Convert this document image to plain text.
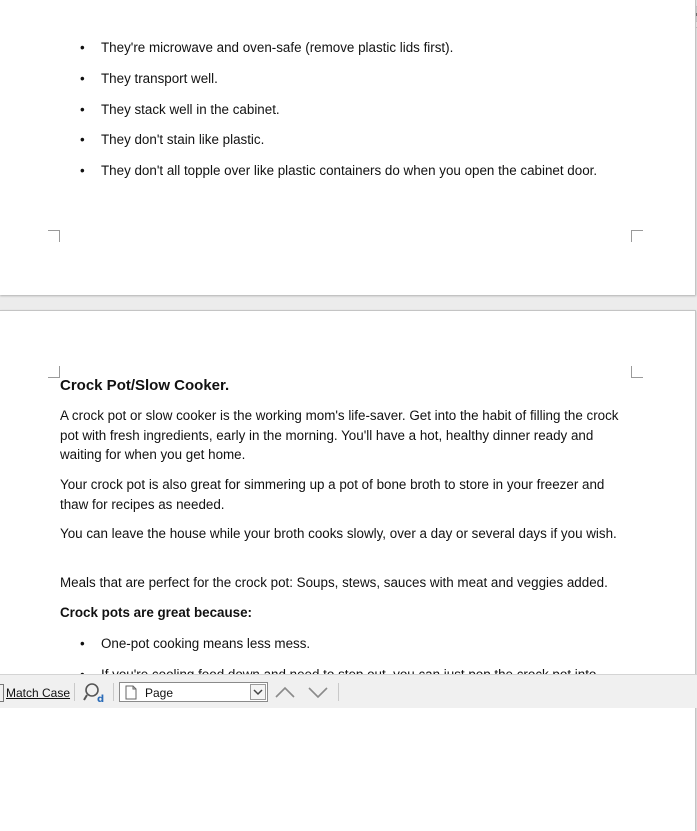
• They're microwave and oven-safe (remove plastic lids first).
• They transport well.
• They stack well in the cabinet.
• They don't stain like plastic.
• They don't all topple over like plastic containers do when you open the cabinet door.
Crock Pot/Slow Cooker.
A crock pot or slow cooker is the working mom's life-saver. Get into the habit of filling the crock pot with fresh ingredients, early in the morning. You'll have a hot, healthy dinner ready and waiting for when you get home.
Your crock pot is also great for simmering up a pot of bone broth to store in your freezer and thaw for recipes as needed.
You can leave the house while your broth cooks slowly, over a day or several days if you wish.
Meals that are perfect for the crock pot: Soups, stews, sauces with meat and veggies added.
Crock pots are great because:
• One-pot cooking means less mess.
Match Case	d	Page
